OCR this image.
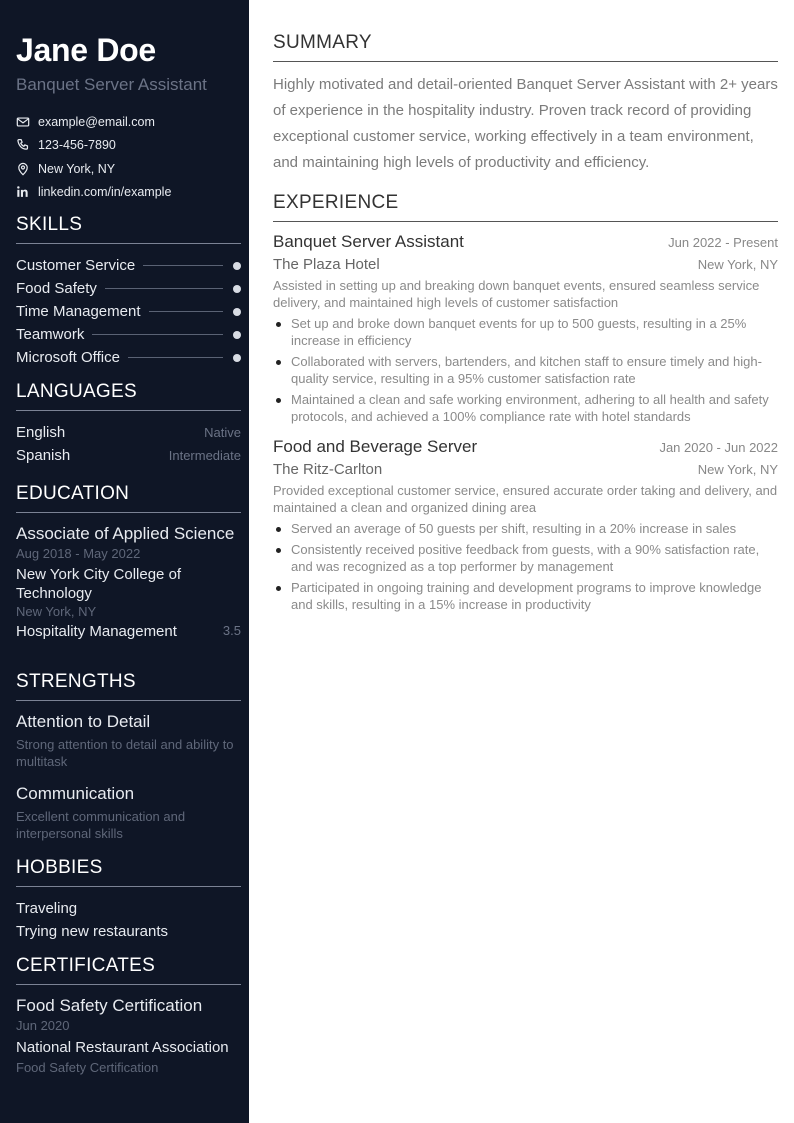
Jane Doe
Banquet Server Assistant
example@email.com
123-456-7890
New York, NY
linkedin.com/in/example
SKILLS
Customer Service
Food Safety
Time Management
Teamwork
Microsoft Office
LANGUAGES
English	Native
Spanish	Intermediate
EDUCATION
Associate of Applied Science
Aug 2018 - May 2022
New York City College of Technology
New York, NY
Hospitality Management	3.5
STRENGTHS
Attention to Detail
Strong attention to detail and ability to multitask
Communication
Excellent communication and interpersonal skills
HOBBIES
Traveling
Trying new restaurants
CERTIFICATES
Food Safety Certification
Jun 2020
National Restaurant Association
Food Safety Certification
SUMMARY
Highly motivated and detail-oriented Banquet Server Assistant with 2+ years of experience in the hospitality industry. Proven track record of providing exceptional customer service, working effectively in a team environment, and maintaining high levels of productivity and efficiency.
EXPERIENCE
Banquet Server Assistant	Jun 2022 - Present
The Plaza Hotel	New York, NY
Assisted in setting up and breaking down banquet events, ensured seamless service delivery, and maintained high levels of customer satisfaction
Set up and broke down banquet events for up to 500 guests, resulting in a 25% increase in efficiency
Collaborated with servers, bartenders, and kitchen staff to ensure timely and high-quality service, resulting in a 95% customer satisfaction rate
Maintained a clean and safe working environment, adhering to all health and safety protocols, and achieved a 100% compliance rate with hotel standards
Food and Beverage Server	Jan 2020 - Jun 2022
The Ritz-Carlton	New York, NY
Provided exceptional customer service, ensured accurate order taking and delivery, and maintained a clean and organized dining area
Served an average of 50 guests per shift, resulting in a 20% increase in sales
Consistently received positive feedback from guests, with a 90% satisfaction rate, and was recognized as a top performer by management
Participated in ongoing training and development programs to improve knowledge and skills, resulting in a 15% increase in productivity
